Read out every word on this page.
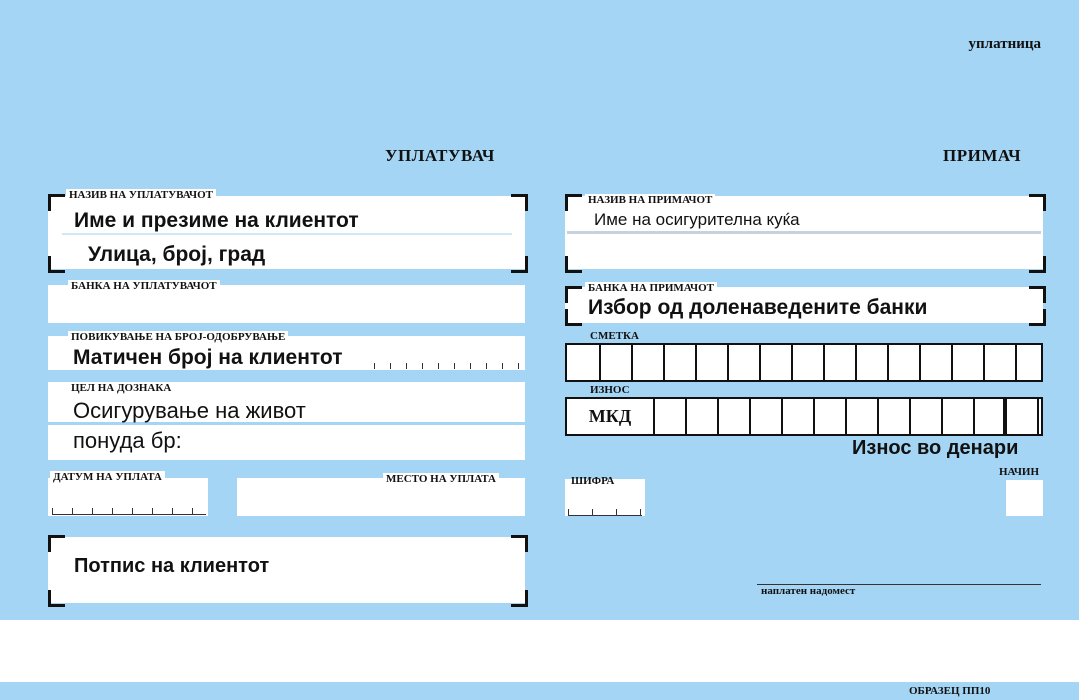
уплатница
УПЛАТУВАЧ	ПРИМАЧ
НАЗИВ НА УПЛАТУВАЧОТ
Име и презиме на клиентот
Улица, број, град
БАНКА НА УПЛАТУВАЧОТ
ПОВИКУВАЊЕ НА БРОЈ-ОДОБРУВАЊЕ
Матичен број на клиентот
ЦЕЛ НА ДОЗНАКА
Осигурување на живот
понуда бр:
ДАТУМ НА УПЛАТА	МЕСТО НА УПЛАТА
Потпис на клиентот
НАЗИВ НА ПРИМАЧОТ
Име на осигурителна куќа
БАНКА НА ПРИМАЧОТ
Избор од доленаведените банки
СМЕТКА
ИЗНОС
МКД
Износ во денари
ШИФРА
НАЧИН
наплатен надомест
ОБРАЗЕЦ ПП10
